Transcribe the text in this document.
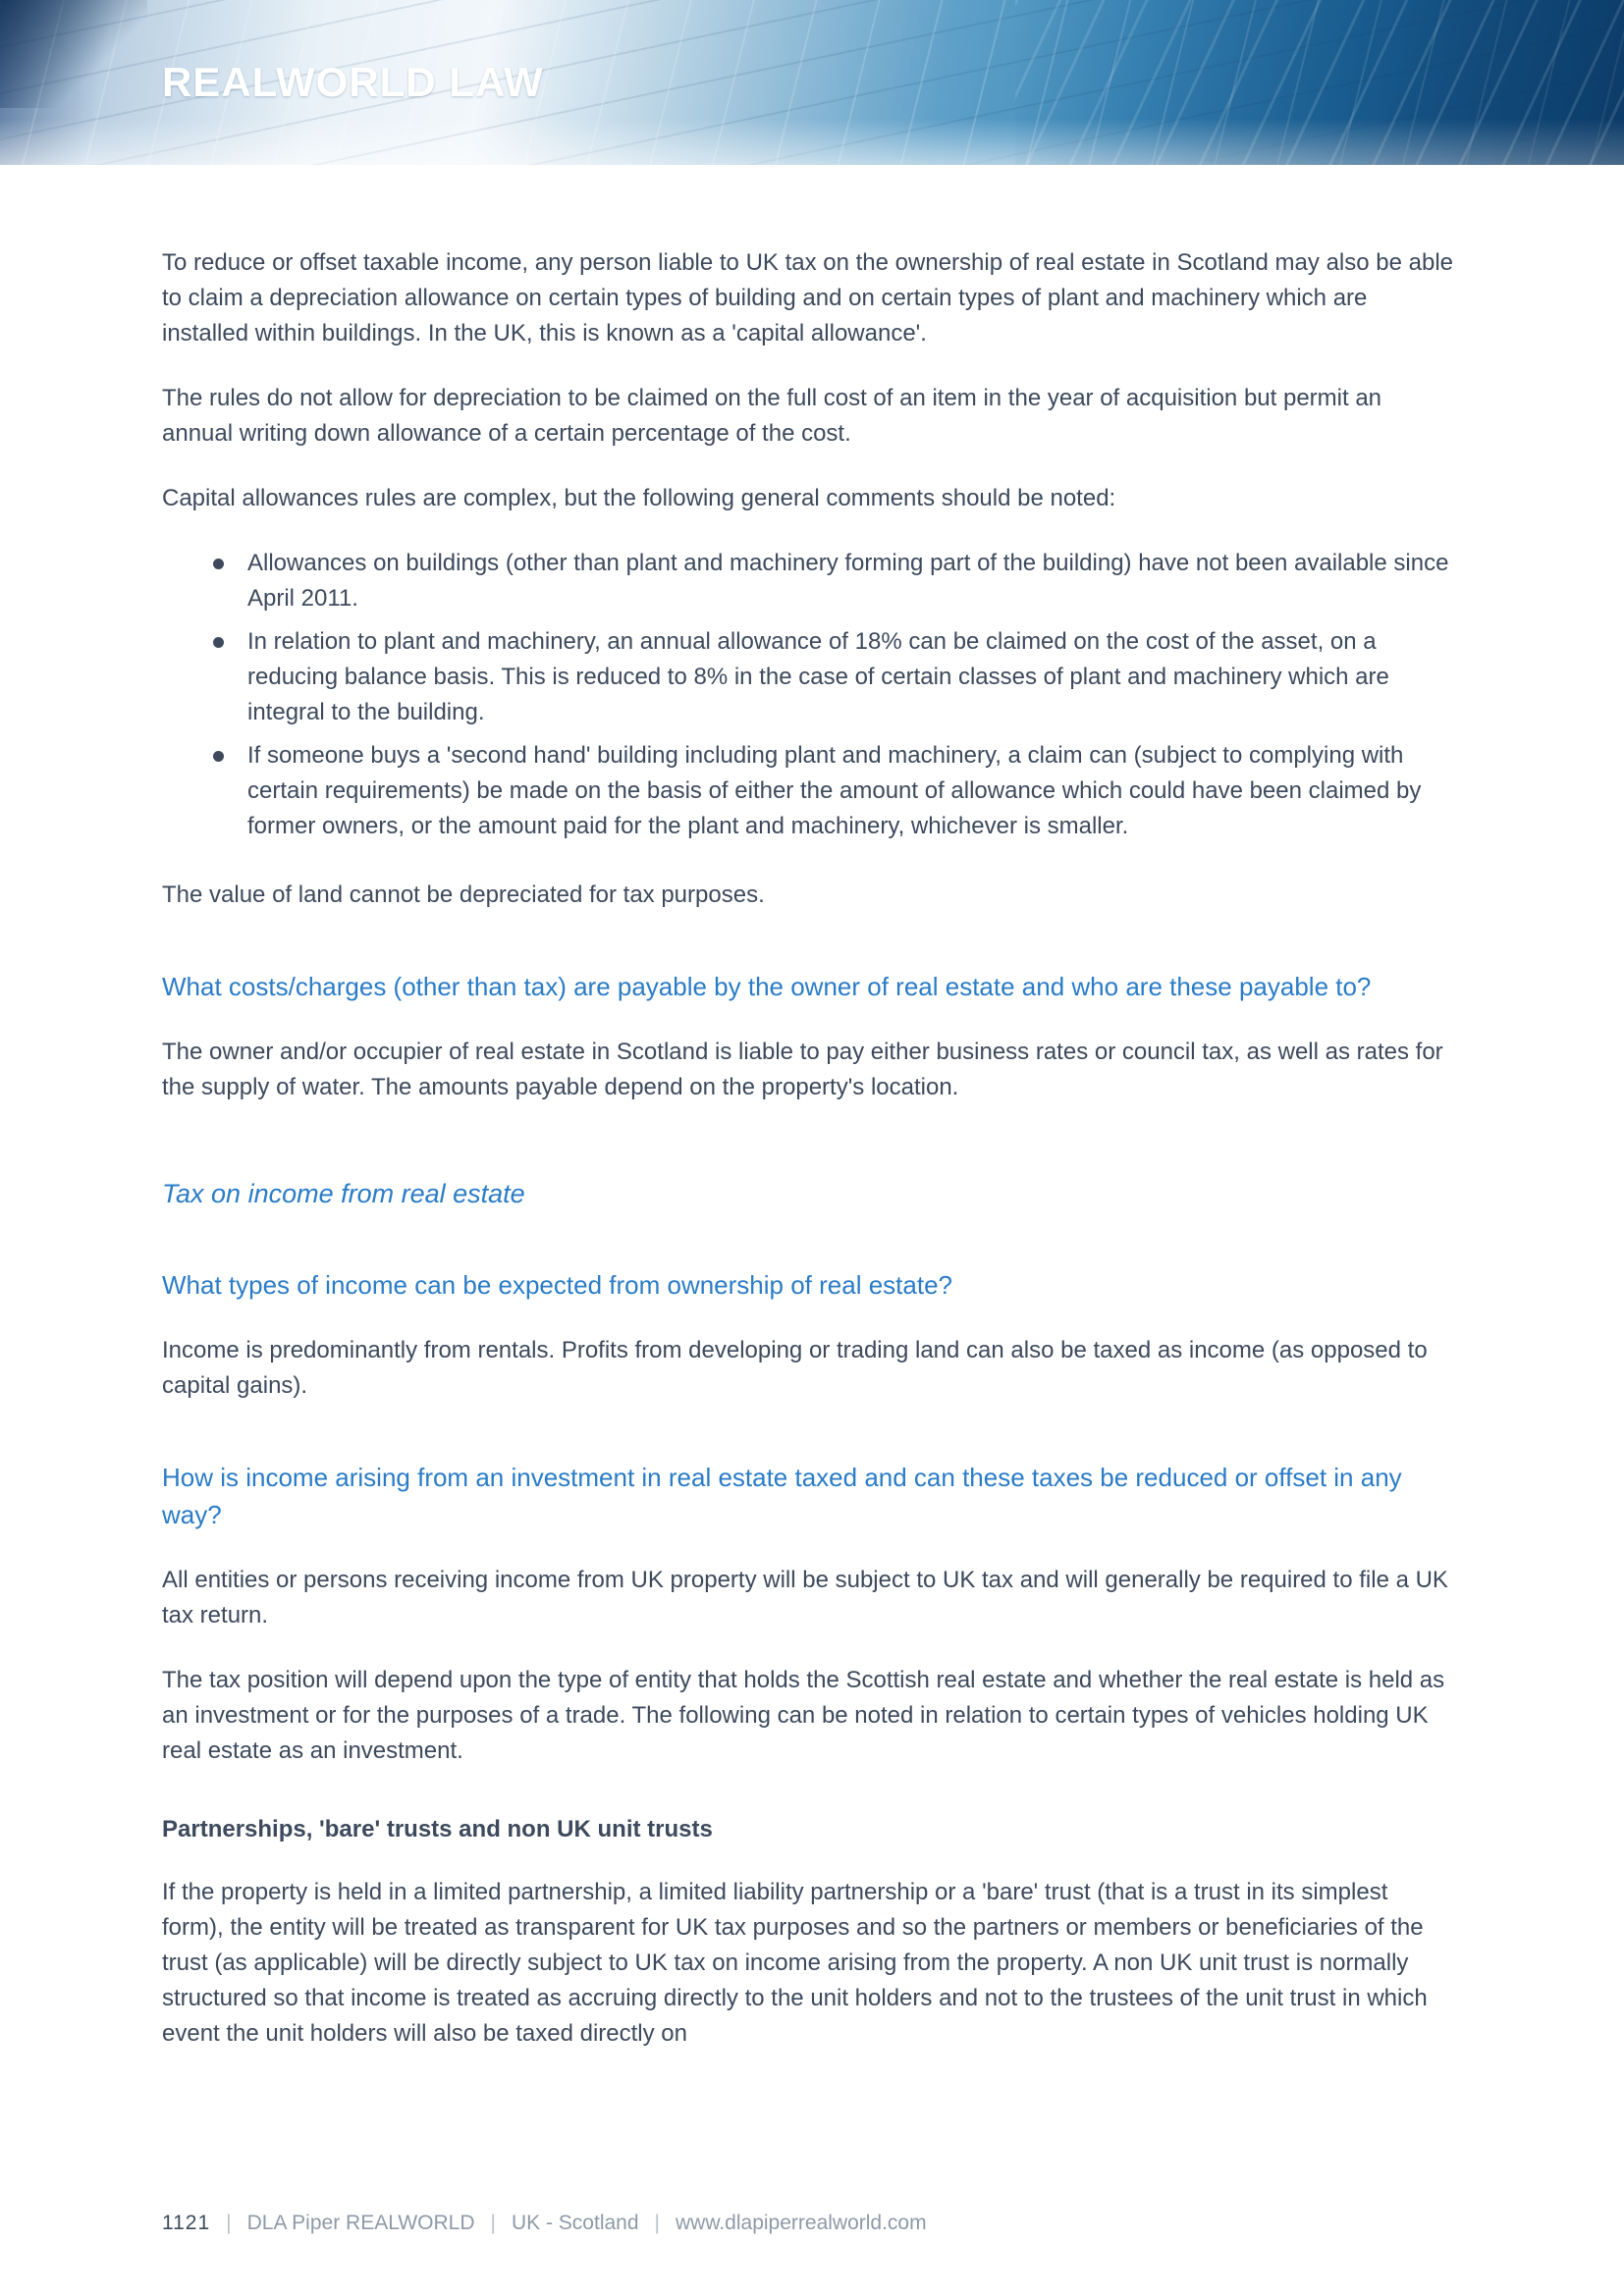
REALWORLD LAW

To reduce or offset taxable income, any person liable to UK tax on the ownership of real estate in Scotland may also be able to claim a depreciation allowance on certain types of building and on certain types of plant and machinery which are installed within buildings. In the UK, this is known as a 'capital allowance'.

The rules do not allow for depreciation to be claimed on the full cost of an item in the year of acquisition but permit an annual writing down allowance of a certain percentage of the cost.

Capital allowances rules are complex, but the following general comments should be noted:

Allowances on buildings (other than plant and machinery forming part of the building) have not been available since April 2011.
In relation to plant and machinery, an annual allowance of 18% can be claimed on the cost of the asset, on a reducing balance basis. This is reduced to 8% in the case of certain classes of plant and machinery which are integral to the building.
If someone buys a 'second hand' building including plant and machinery, a claim can (subject to complying with certain requirements) be made on the basis of either the amount of allowance which could have been claimed by former owners, or the amount paid for the plant and machinery, whichever is smaller.

The value of land cannot be depreciated for tax purposes.

What costs/charges (other than tax) are payable by the owner of real estate and who are these payable to?

The owner and/or occupier of real estate in Scotland is liable to pay either business rates or council tax, as well as rates for the supply of water. The amounts payable depend on the property's location.

Tax on income from real estate
What types of income can be expected from ownership of real estate?

Income is predominantly from rentals. Profits from developing or trading land can also be taxed as income (as opposed to capital gains).

How is income arising from an investment in real estate taxed and can these taxes be reduced or offset in any way?

All entities or persons receiving income from UK property will be subject to UK tax and will generally be required to file a UK tax return.

The tax position will depend upon the type of entity that holds the Scottish real estate and whether the real estate is held as an investment or for the purposes of a trade. The following can be noted in relation to certain types of vehicles holding UK real estate as an investment.

Partnerships, 'bare' trusts and non UK unit trusts

If the property is held in a limited partnership, a limited liability partnership or a 'bare' trust (that is a trust in its simplest form), the entity will be treated as transparent for UK tax purposes and so the partners or members or beneficiaries of the trust (as applicable) will be directly subject to UK tax on income arising from the property. A non UK unit trust is normally structured so that income is treated as accruing directly to the unit holders and not to the trustees of the unit trust in which event the unit holders will also be taxed directly on

1121 | DLA Piper REALWORLD | UK - Scotland | www.dlapiperrealworld.com
